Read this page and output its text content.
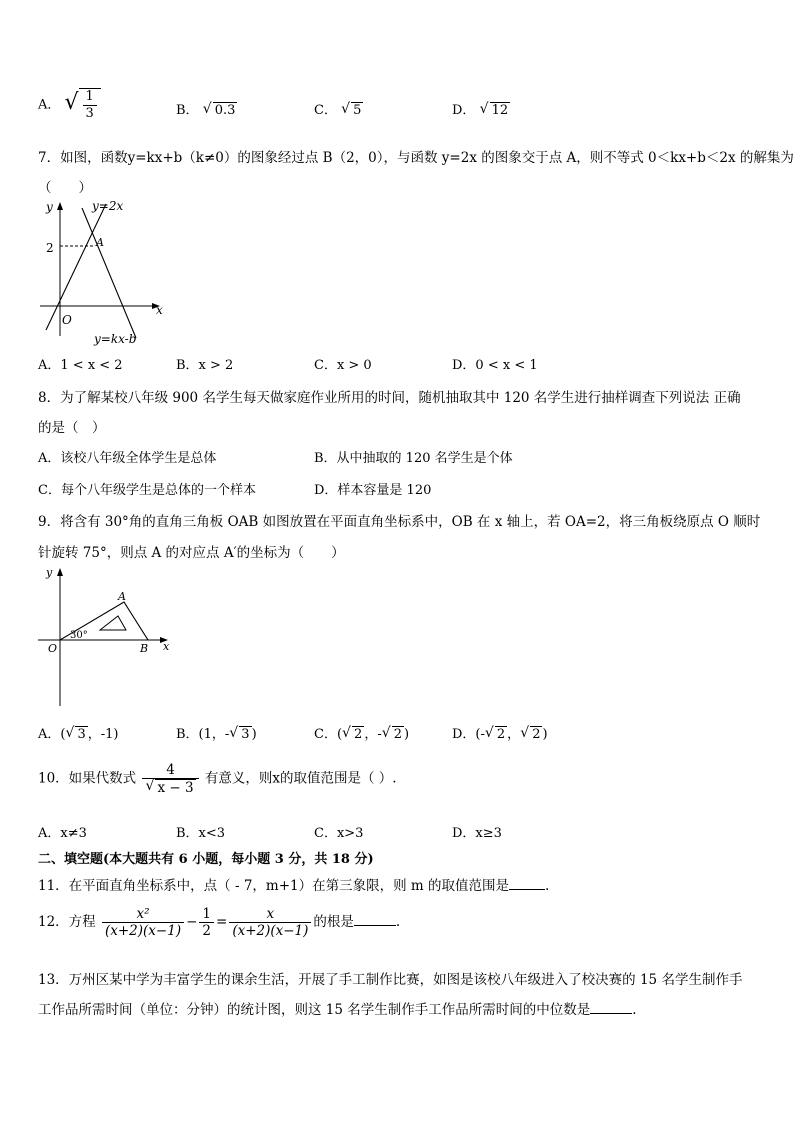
A． √ $\frac{1}{3}$	B． √ 0.3	C． √ 5	D． √ 12
7．如图，函数y=kx+b（k≠0）的图象经过点 B（2，0），与函数 y=2x 的图象交于点 A，则不等式 0＜kx+b＜2x 的解集为
（　　）
y
x
O
2	A
y=2x
y=kx-b
A．1 < x < 2	B．x > 2	C．x > 0	D．0 < x < 1
8．为了解某校八年级 900 名学生每天做家庭作业所用的时间，随机抽取其中 120 名学生进行抽样调查下列说法 正确
的是（　）
A．该校八年级全体学生是总体	B．从中抽取的 120 名学生是个体
C．每个八年级学生是总体的一个样本	D．样本容量是 120
9．将含有 30°角的直角三角板 OAB 如图放置在平面直角坐标系中，OB 在 x 轴上，若 OA=2，将三角板绕原点 O 顺时
针旋转 75°，则点 A 的对应点 A′的坐标为（　　）
y
x
O
A
B
30°
A．( √ 3 ，-1)	B．(1，- √ 3 )	C．( √ 2 ，- √ 2 )	D．(- √ 2 ， √ 2 )
10．如果代数式 $\frac{4}{√ x - 3}$ 有意义，则x的取值范围是（ ）.
A．x≠3	B．x<3	C．x>3	D．x≥3
二、填空题(本大题共有 6 小题，每小题 3 分，共 18 分)
11．在平面直角坐标系中，点（ - 7，m+1）在第三象限，则 m 的取值范围是	.
12．方程 $\frac{\text{x²}}{(x+2)(x-1)} - \frac{1}{2} = \frac{x}{(x+2)(x-1)}$ 的根是	.
13．万州区某中学为丰富学生的课余生活，开展了手工制作比赛，如图是该校八年级进入了校决赛的 15 名学生制作手
工作品所需时间（单位：分钟）的统计图，则这 15 名学生制作手工作品所需时间的中位数是	.
